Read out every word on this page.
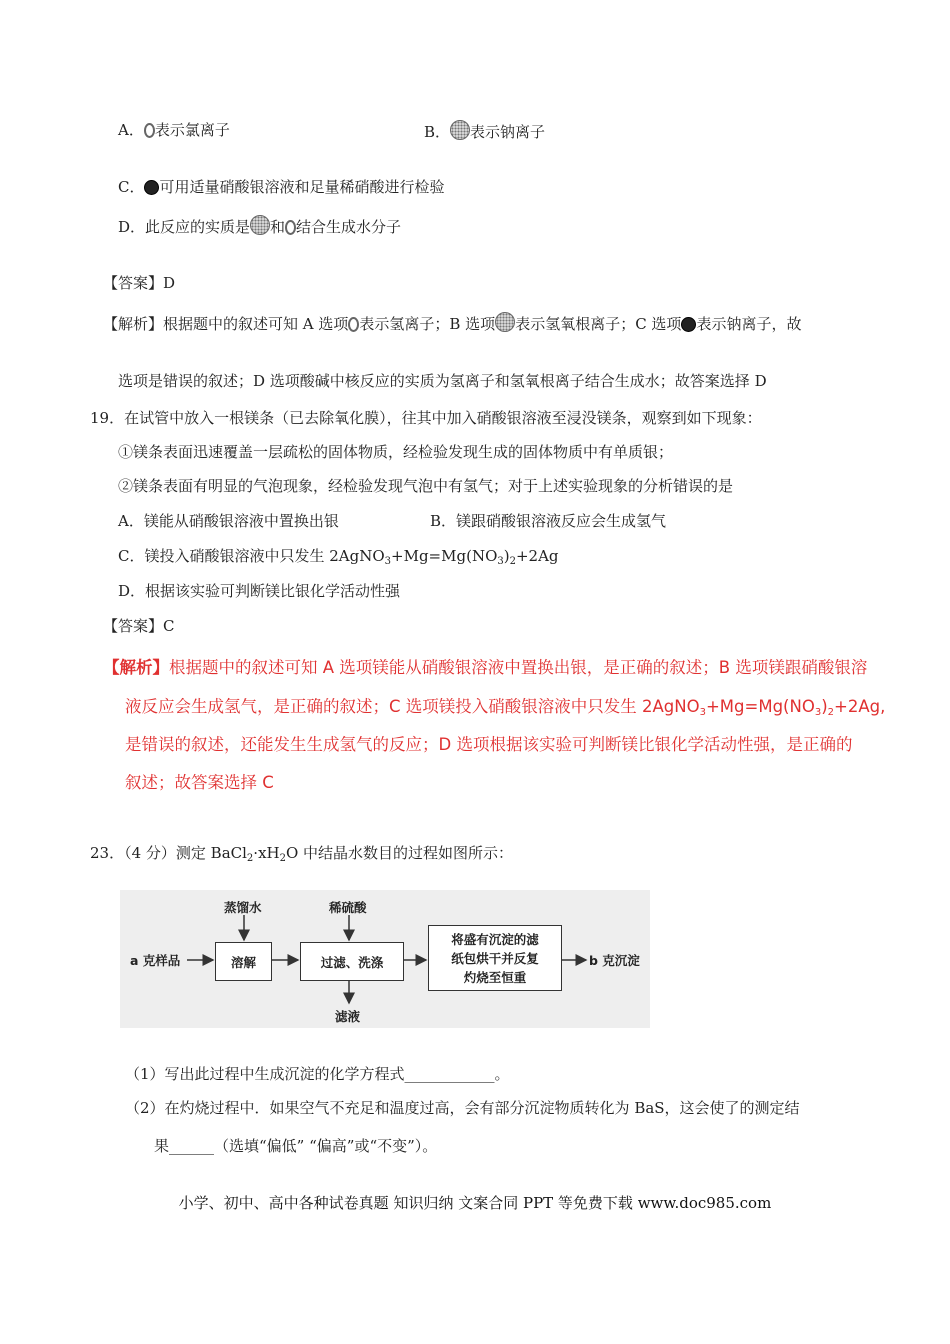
A． 表示氯离子	B． 表示钠离子
C． 可用适量硝酸银溶液和足量稀硝酸进行检验
D．此反应的实质是 和 结合生成水分子
【答案】D
【解析】根据题中的叙述可知 A 选项 表示氢离子；B 选项 表示氢氧根离子；C 选项 表示钠离子，故
选项是错误的叙述；D 选项酸碱中核反应的实质为氢离子和氢氧根离子结合生成水；故答案选择 D
19．在试管中放入一根镁条（已去除氧化膜），往其中加入硝酸银溶液至浸没镁条，观察到如下现象：
①镁条表面迅速覆盖一层疏松的固体物质，经检验发现生成的固体物质中有单质银；
②镁条表面有明显的气泡现象，经检验发现气泡中有氢气；对于上述实验现象的分析错误的是
A．镁能从硝酸银溶液中置换出银	B．镁跟硝酸银溶液反应会生成氢气
C．镁投入硝酸银溶液中只发生 $2AgNO_3+Mg=Mg(NO_3)_2+2Ag$
D．根据该实验可判断镁比银化学活动性强
【答案】C
【解析】根据题中的叙述可知 A 选项镁能从硝酸银溶液中置换出银，是正确的叙述；B 选项镁跟硝酸银溶
液反应会生成氢气，是正确的叙述；C 选项镁投入硝酸银溶液中只发生 $2AgNO_3+Mg=Mg(NO_3)_2+2Ag$,
是错误的叙述，还能发生生成氢气的反应；D 选项根据该实验可判断镁比银化学活动性强，是正确的
叙述；故答案选择 C
23．（4 分）测定 $BaCl_2\cdot xH_2O$ 中结晶水数目的过程如图所示：
a 克样品
蒸馏水
溶解
稀硫酸
过滤、洗涤
滤液
将盛有沉淀的滤
纸包烘干并反复
灼烧至恒重
b 克沉淀
（1）写出此过程中生成沉淀的化学方程式____________。
（2）在灼烧过程中．如果空气不充足和温度过高，会有部分沉淀物质转化为 BaS，这会使了的测定结
果______（选填“偏低” “偏高”或“不变”）。
小学、初中、高中各种试卷真题 知识归纳 文案合同 PPT 等免费下载 www.doc985.com
